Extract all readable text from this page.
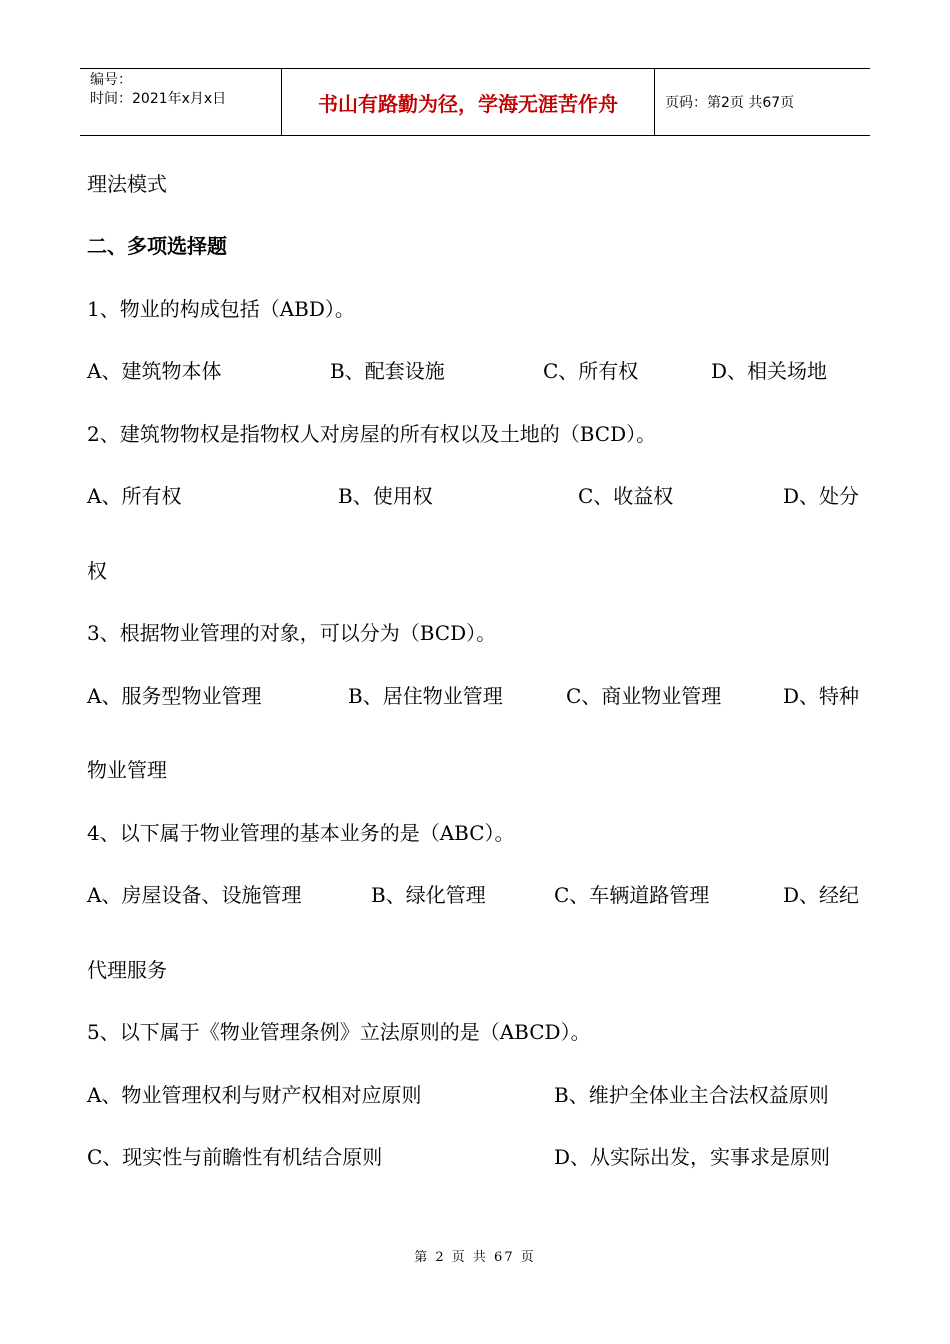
编号：
时间：2021年x月x日	书山有路勤为径，学海无涯苦作舟	页码：第2页 共67页
理法模式
二、多项选择题
1、物业的构成包括（ABD）。
A、建筑物本体	B、配套设施	C、所有权	D、相关场地
2、建筑物物权是指物权人对房屋的所有权以及土地的（BCD）。
A、所有权	B、使用权	C、收益权	D、处分
权
3、根据物业管理的对象，可以分为（BCD）。
A、服务型物业管理	B、居住物业管理	C、商业物业管理	D、特种
物业管理
4、以下属于物业管理的基本业务的是（ABC）。
A、房屋设备、设施管理	B、绿化管理	C、车辆道路管理	D、经纪
代理服务
5、以下属于《物业管理条例》立法原则的是（ABCD）。
A、物业管理权利与财产权相对应原则	B、维护全体业主合法权益原则
C、现实性与前瞻性有机结合原则	D、从实际出发，实事求是原则
第 2 页 共 67 页
